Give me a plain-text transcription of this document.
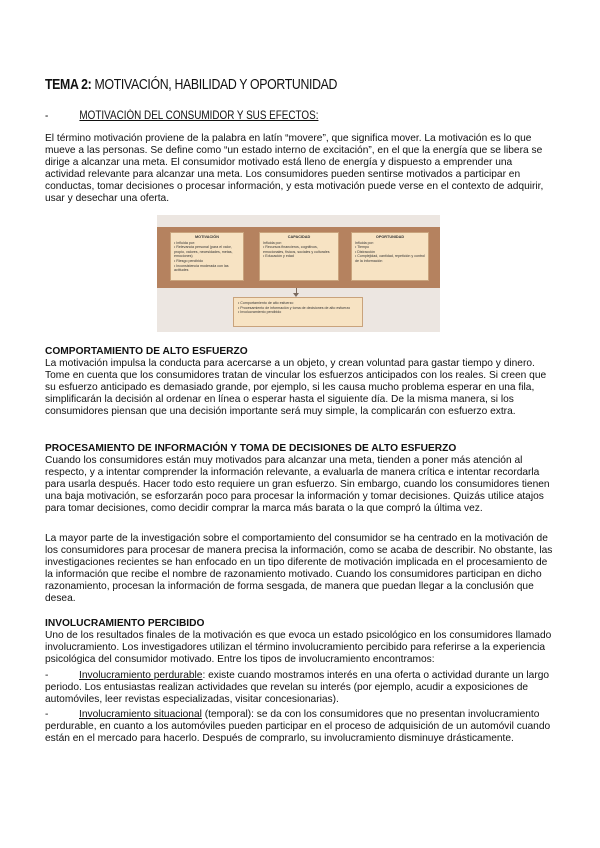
TEMA 2: MOTIVACIÓN, HABILIDAD Y OPORTUNIDAD
-	MOTIVACIÓN DEL CONSUMIDOR Y SUS EFECTOS:

El término motivación proviene de la palabra en latín “movere”, que significa mover. La motivación es lo que mueve a las personas. Se define como “un estado interno de excitación”, en el que la energía que se libera se dirige a alcanzar una meta. El consumidor motivado está lleno de energía y dispuesto a emprender una actividad relevante para alcanzar una meta. Los consumidores pueden sentirse motivados a participar en conductas, tomar decisiones o procesar información, y esta motivación puede verse en el contexto de adquirir, usar y desechar una oferta.

MOTIVACIÓN
• Influida por:
• Relevancia personal (para el valor, propio, valores, necesidades, metas, emociones)
• Riesgo percibido
• Inconsistencia moderada con las actitudes
CAPACIDAD
Influida por:
• Recursos financieros, cognitivos, emocionales, físicos, sociales y culturales
• Educación y edad
OPORTUNIDAD
Influida por:
• Tiempo
• Distracción
• Complejidad, cantidad, repetición y control de la información
• Comportamiento de alto esfuerzo
• Procesamiento de información y toma de decisiones de alto esfuerzo
• Involucramiento percibido
COMPORTAMIENTO DE ALTO ESFUERZO

La motivación impulsa la conducta para acercarse a un objeto, y crean voluntad para gastar tiempo y dinero. Tome en cuenta que los consumidores tratan de vincular los esfuerzos anticipados con los reales. Si creen que su esfuerzo anticipado es demasiado grande, por ejemplo, si les causa mucho problema esperar en una fila, simplificarán la decisión al ordenar en línea o esperar hasta el siguiente día. De la misma manera, si los consumidores piensan que una decisión importante será muy simple, la complicarán con esfuerzo extra.

PROCESAMIENTO DE INFORMACIÓN Y TOMA DE DECISIONES DE ALTO ESFUERZO

Cuando los consumidores están muy motivados para alcanzar una meta, tienden a poner más atención al respecto, y a intentar comprender la información relevante, a evaluarla de manera crítica e intentar recordarla para usarla después. Hacer todo esto requiere un gran esfuerzo. Sin embargo, cuando los consumidores tienen una baja motivación, se esforzarán poco para procesar la información y tomar decisiones. Quizás utilice atajos para tomar decisiones, como decidir comprar la marca más barata o la que compró la última vez.

La mayor parte de la investigación sobre el comportamiento del consumidor se ha centrado en la motivación de los consumidores para procesar de manera precisa la información, como se acaba de describir. No obstante, las investigaciones recientes se han enfocado en un tipo diferente de motivación implicada en el procesamiento de la información que recibe el nombre de razonamiento motivado. Cuando los consumidores participan en dicho razonamiento, procesan la información de forma sesgada, de manera que puedan llegar a la conclusión que desea.

INVOLUCRAMIENTO PERCIBIDO

Uno de los resultados finales de la motivación es que evoca un estado psicológico en los consumidores llamado involucramiento. Los investigadores utilizan el término involucramiento percibido para referirse a la experiencia psicológica del consumidor motivado. Entre los tipos de involucramiento encontramos:

-	Involucramiento perdurable: existe cuando mostramos interés en una oferta o actividad durante un largo periodo. Los entusiastas realizan actividades que revelan su interés (por ejemplo, acudir a exposiciones de automóviles, leer revistas especializadas, visitar concesionarias).

-	Involucramiento situacional (temporal): se da con los consumidores que no presentan involucramiento perdurable, en cuanto a los automóviles pueden participar en el proceso de adquisición de un automóvil cuando están en el mercado para hacerlo. Después de comprarlo, su involucramiento disminuye drásticamente.
